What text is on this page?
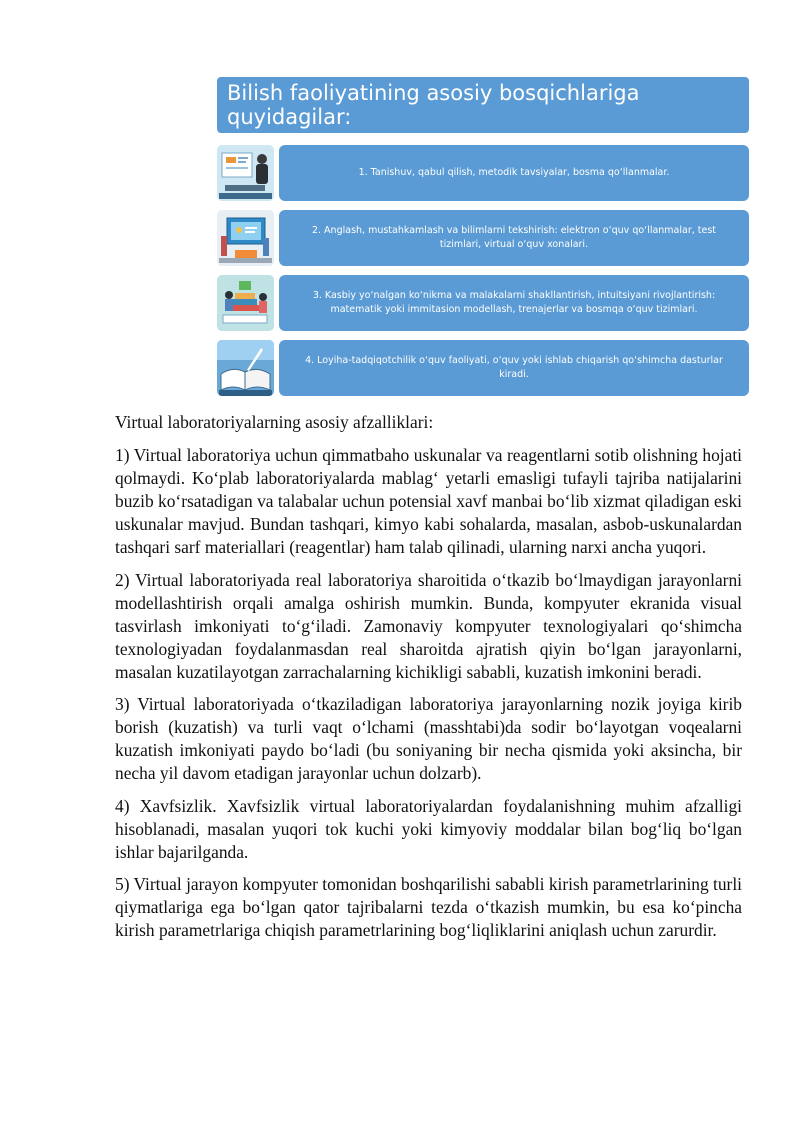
Bilish faoliyatining asosiy bosqichlariga quyidagilar:
1. Tanishuv, qabul qilish, metodik tavsiyalar, bosma qo‘llanmalar.
2. Anglash, mustahkamlash va bilimlarni tekshirish: elektron o‘quv qo‘llanmalar, test tizimlari, virtual o‘quv xonalari.
3. Kasbiy yo‘nalgan ko‘nikma va malakalarni shakllantirish, intuitsiyani rivojlantirish: matematik yoki immitasion modellash, trenajerlar va bosmqa o‘quv tizimlari.
4. Loyiha-tadqiqotchilik o‘quv faoliyati, o‘quv yoki ishlab chiqarish qo‘shimcha dasturlar kiradi.

Virtual laboratoriyalarning asosiy afzalliklari:

1) Virtual laboratoriya uchun qimmatbaho uskunalar va reagentlarni sotib olishning hojati qolmaydi. Ko‘plab laboratoriyalarda mablag‘ yetarli emasligi tufayli tajriba natijalarini buzib ko‘rsatadigan va talabalar uchun potensial xavf manbai bo‘lib xizmat qiladigan eski uskunalar mavjud. Bundan tashqari, kimyo kabi sohalarda, masalan, asbob-uskunalardan tashqari sarf materiallari (reagentlar) ham talab qilinadi, ularning narxi ancha yuqori.

2) Virtual laboratoriyada real laboratoriya sharoitida o‘tkazib bo‘lmaydigan jarayonlarni modellashtirish orqali amalga oshirish mumkin. Bunda, kompyuter ekranida visual tasvirlash imkoniyati to‘g‘iladi. Zamonaviy kompyuter texnologiyalari qo‘shimcha texnologiyadan foydalanmasdan real sharoitda ajratish qiyin bo‘lgan jarayonlarni, masalan kuzatilayotgan zarrachalarning kichikligi sababli, kuzatish imkonini beradi.

3) Virtual laboratoriyada o‘tkaziladigan laboratoriya jarayonlarning nozik joyiga kirib borish (kuzatish) va turli vaqt o‘lchami (masshtabi)da sodir bo‘layotgan voqealarni kuzatish imkoniyati paydo bo‘ladi (bu soniyaning bir necha qismida yoki aksincha, bir necha yil davom etadigan jarayonlar uchun dolzarb).

4) Xavfsizlik. Xavfsizlik virtual laboratoriyalardan foydalanishning muhim afzalligi hisoblanadi, masalan yuqori tok kuchi yoki kimyoviy moddalar bilan bog‘liq bo‘lgan ishlar bajarilganda.

5) Virtual jarayon kompyuter tomonidan boshqarilishi sababli kirish parametrlarining turli qiymatlariga ega bo‘lgan qator tajribalarni tezda o‘tkazish mumkin, bu esa ko‘pincha kirish parametrlariga chiqish parametrlarining bog‘liqliklarini aniqlash uchun zarurdir.
